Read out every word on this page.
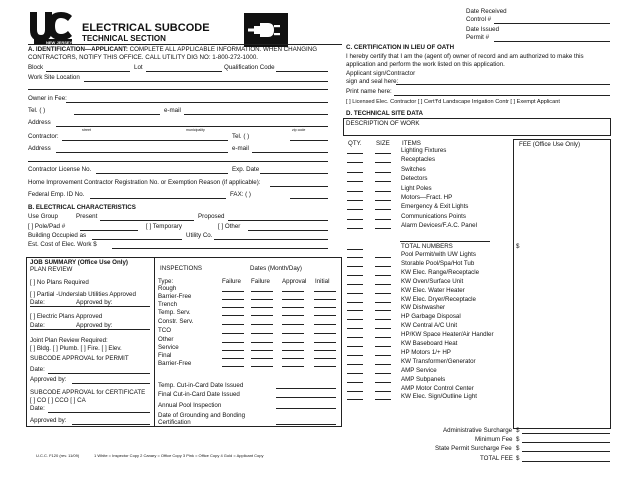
NEW JERSEY
ELECTRICAL SUBCODE
TECHNICAL SECTION
Date Received
Control #
Date Issued
Permit #
A. IDENTIFICATION—APPLICANT: COMPLETE ALL APPLICABLE INFORMATION. WHEN CHANGING
CONTRACTORS, NOTIFY THIS OFFICE. CALL UTILITY DIG NO: 1-800-272-1000.
Block	Lot	Qualification Code
Work Site Location
Owner in Fee:
Tel. ( )	e-mail
Address
street	municipality	zip code
Contractor:	Tel. ( )
Address	e-mail
Contractor License No.	Exp. Date
Home Improvement Contractor Registration No. or Exemption Reason (if applicable):
Federal Emp. ID No.	FAX: ( )
B. ELECTRICAL CHARACTERISTICS
Use Group	Present	Proposed
[ ] Pole/Pad #	[ ] Temporary	[ ] Other
Building Occupied as	Utility Co.
Est. Cost of Elec. Work $
JOB SUMMARY (Office Use Only)
PLAN REVIEW
[ ] No Plans Required
[ ] Partial -Underslab Utilities Approved
Date:	Approved by:
[ ] Electric Plans Approved
Date:	Approved by:
Joint Plan Review Required:
[ ] Bldg. [ ] Plumb. [ ] Fire. [ ] Elev.
SUBCODE APPROVAL for PERMIT
Date:
Approved by:
SUBCODE APPROVAL for CERTIFICATE
[ ] CO [ ] CCO [ ] CA
Date:
Approved by:
INSPECTIONS	Dates (Month/Day)
Type:	Failure Failure Approval Initial
Rough
Barrier-Free
Trench
Temp. Serv.
Constr. Serv.
TCO
Other
Service
Final
Barrier-Free
Temp. Cut-in-Card Date Issued
Final Cut-in-Card Date Issued
Annual Pool Inspection
Date of Grounding and Bonding
Certification
U.C.C. F120 (rev. 11/09)	1 White = Inspector Copy 2 Canary = Office Copy 3 Pink = Office Copy 4 Gold = Applicant Copy
C. CERTIFICATION IN LIEU OF OATH
I hereby certify that I am the (agent of) owner of record and am authorized to make this
application and perform the work listed on this application.
Applicant sign/Contractor
sign and seal here:
Print name here:
[ ] Licensed Elec. Contractor [ ] Cert'f'd Landscape Irrigation Contr [ ] Exempt Applicant
D. TECHNICAL SITE DATA
DESCRIPTION OF WORK
QTY. SIZE ITEMS	FEE (Office Use Only)
Lighting Fixtures
Receptacles
Switches
Detectors
Light Poles
Motors—Fract. HP
Emergency & Exit Lights
Communications Points
Alarm Devices/F.A.C. Panel
Pool Permit/with UW Lights
Storable Pool/Spa/Hot Tub
KW Elec. Range/Receptacle
KW Oven/Surface Unit
KW Elec. Water Heater
KW Elec. Dryer/Receptacle
KW Dishwasher
HP Garbage Disposal
KW Central A/C Unit
HP/KW Space Heater/Air Handler
KW Baseboard Heat
HP Motors 1/+ HP
KW Transformer/Generator
AMP Service
AMP Subpanels
AMP Motor Control Center
KW Elec. Sign/Outline Light
TOTAL NUMBERS	$
Administrative Surcharge $
Minimum Fee $
State Permit Surcharge Fee $
TOTAL FEE $
